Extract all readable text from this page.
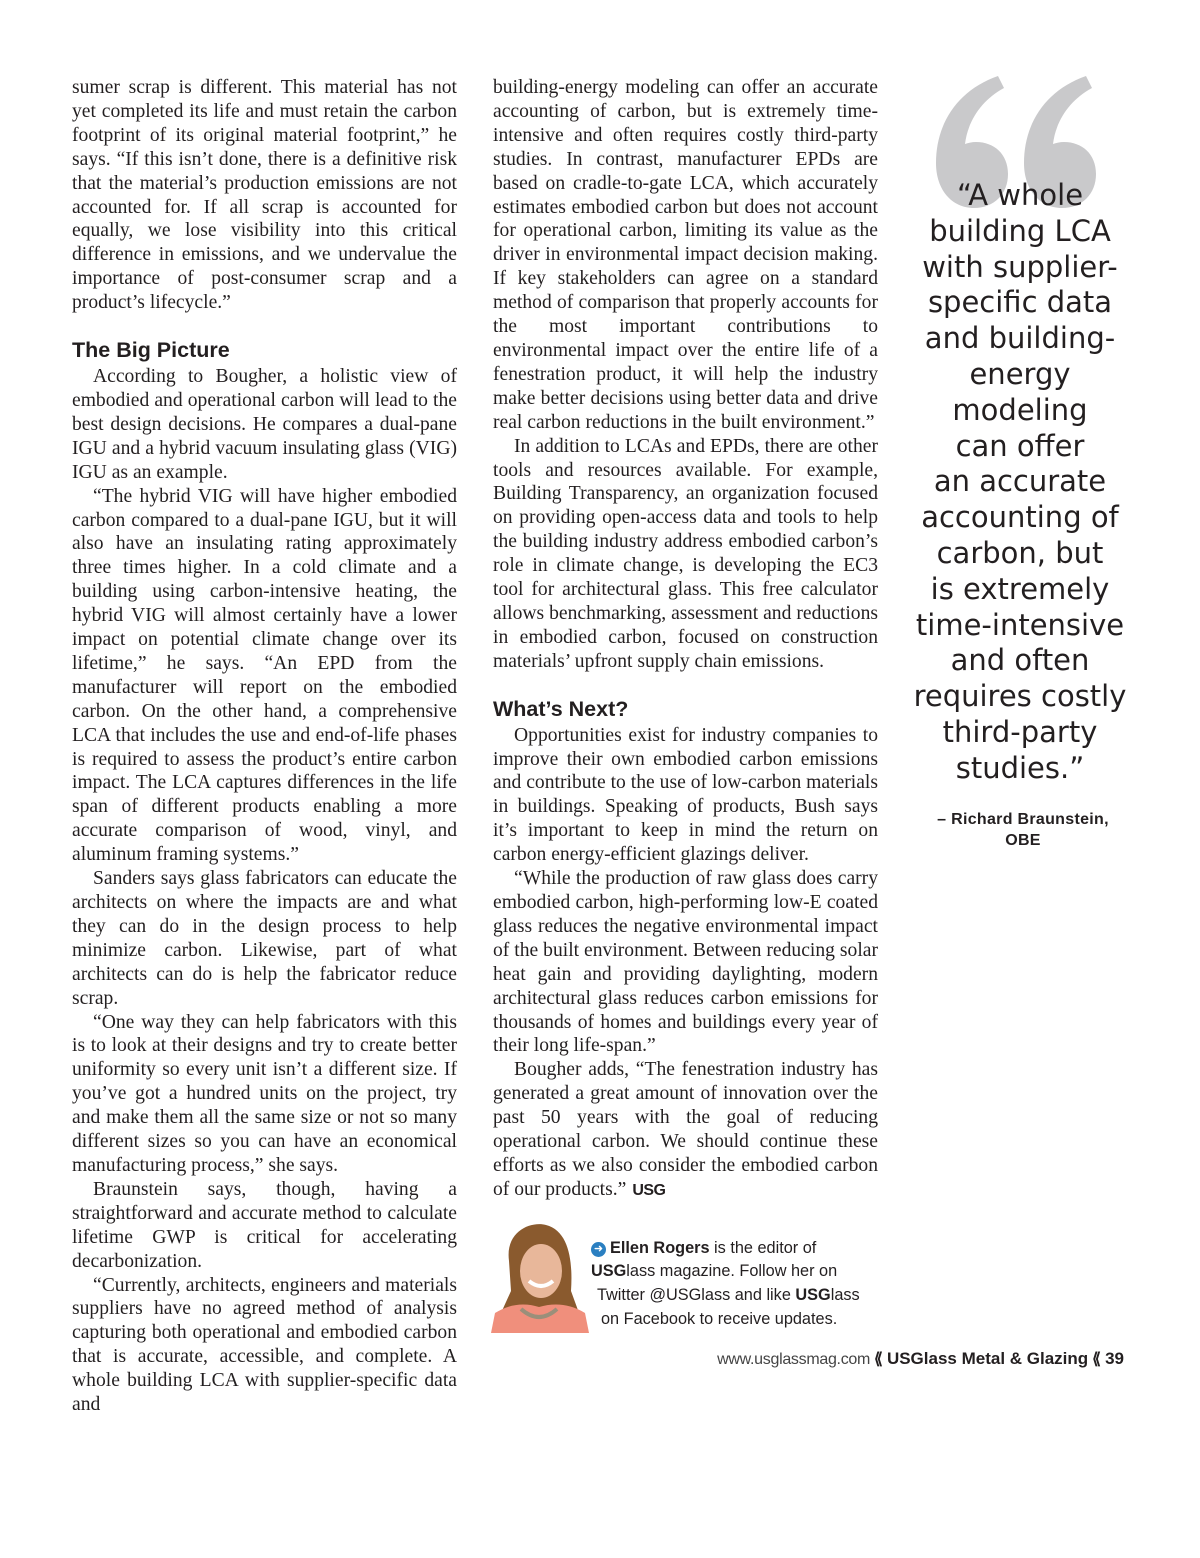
sumer scrap is different. This material has not yet completed its life and must retain the carbon footprint of its original material footprint,” he says. “If this isn’t done, there is a definitive risk that the material’s production emissions are not accounted for. If all scrap is accounted for equally, we lose visibility into this critical difference in emissions, and we undervalue the importance of post-consumer scrap and a product’s lifecycle.”

The Big Picture

According to Bougher, a holistic view of embodied and operational carbon will lead to the best design decisions. He compares a dual-pane IGU and a hybrid vacuum insulating glass (VIG) IGU as an example.

“The hybrid VIG will have higher embodied carbon compared to a dual-pane IGU, but it will also have an insulating rating approximately three times higher. In a cold climate and a building using carbon-intensive heating, the hybrid VIG will almost certainly have a lower impact on potential climate change over its lifetime,” he says. “An EPD from the manufacturer will report on the embodied carbon. On the other hand, a comprehensive LCA that includes the use and end-of-life phases is required to assess the product’s entire carbon impact. The LCA captures differences in the life span of different products enabling a more accurate comparison of wood, vinyl, and aluminum framing systems.”

Sanders says glass fabricators can educate the architects on where the impacts are and what they can do in the design process to help minimize carbon. Likewise, part of what architects can do is help the fabricator reduce scrap.

“One way they can help fabricators with this is to look at their designs and try to create better uniformity so every unit isn’t a different size. If you’ve got a hundred units on the project, try and make them all the same size or not so many different sizes so you can have an economical manufacturing process,” she says.

Braunstein says, though, having a straightforward and accurate method to calculate lifetime GWP is critical for accelerating decarbonization.

“Currently, architects, engineers and materials suppliers have no agreed method of analysis capturing both operational and embodied carbon that is accurate, accessible, and complete. A whole building LCA with supplier-specific data and

building-energy modeling can offer an accurate accounting of carbon, but is extremely time-intensive and often requires costly third-party studies. In contrast, manufacturer EPDs are based on cradle-to-gate LCA, which accurately estimates embodied carbon but does not account for operational carbon, limiting its value as the driver in environmental impact decision making. If key stakeholders can agree on a standard method of comparison that properly accounts for the most important contributions to environmental impact over the entire life of a fenestration product, it will help the industry make better decisions using better data and drive real carbon reductions in the built environment.”

In addition to LCAs and EPDs, there are other tools and resources available. For example, Building Transparency, an organization focused on providing open-access data and tools to help the building industry address embodied carbon’s role in climate change, is developing the EC3 tool for architectural glass. This free calculator allows benchmarking, assessment and reductions in embodied carbon, focused on construction materials’ upfront supply chain emissions.

What’s Next?

Opportunities exist for industry companies to improve their own embodied carbon emissions and contribute to the use of low-carbon materials in buildings. Speaking of products, Bush says it’s important to keep in mind the return on carbon energy-efficient glazings deliver.

“While the production of raw glass does carry embodied carbon, high-performing low-E coated glass reduces the negative environmental impact of the built environment. Between reducing solar heat gain and providing daylighting, modern architectural glass reduces carbon emissions for thousands of homes and buildings every year of their long life-span.”

Bougher adds, “The fenestration industry has generated a great amount of innovation over the past 50 years with the goal of reducing operational carbon. We should continue these efforts as we also consider the embodied carbon of our products.” USG

➜ Ellen Rogers is the editor of
USGlass magazine. Follow her on
Twitter @USGlass and like USGlass
on Facebook to receive updates.
www.usglassmag.com ⟪ USGlass Metal & Glazing ⟪ 39
“A whole
building LCA
with supplier-
specific data
and building-
energy
modeling
can offer
an accurate
accounting of
carbon, but
is extremely
time-intensive
and often
requires costly
third-party
studies.”
– Richard Braunstein,
OBE
